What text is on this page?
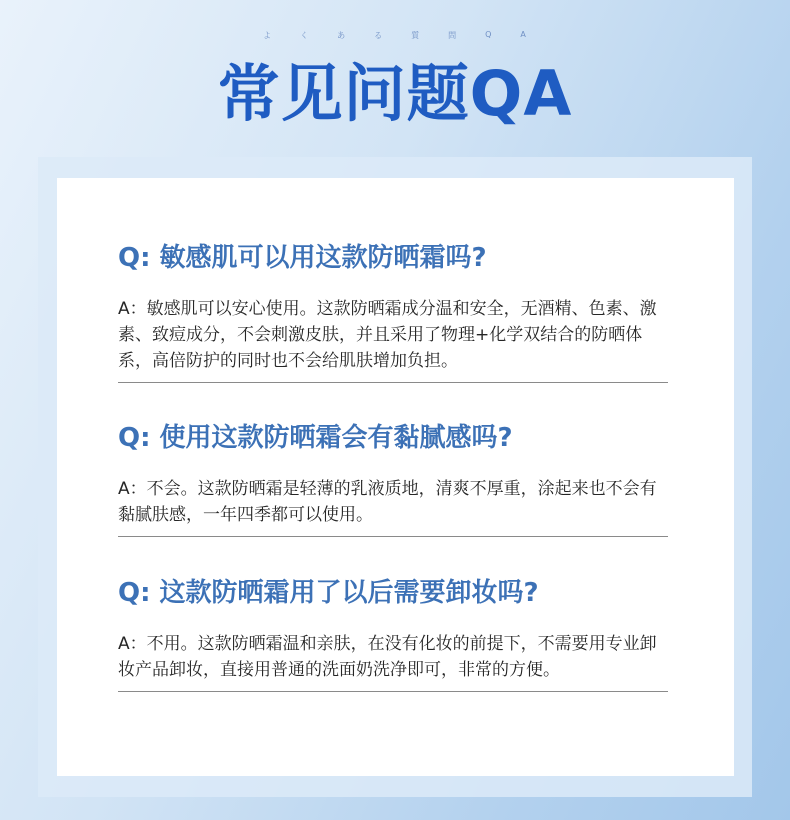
よ	く	あ	る	質	問	Q	A
常见问题QA

Q: 敏感肌可以用这款防晒霜吗?

A：敏感肌可以安心使用。这款防晒霜成分温和安全，无酒精、色素、激素、致痘成分，不会刺激皮肤，并且采用了物理+化学双结合的防晒体系，高倍防护的同时也不会给肌肤增加负担。

Q: 使用这款防晒霜会有黏腻感吗?

A：不会。这款防晒霜是轻薄的乳液质地，清爽不厚重，涂起来也不会有黏腻肤感，一年四季都可以使用。

Q: 这款防晒霜用了以后需要卸妆吗?

A：不用。这款防晒霜温和亲肤，在没有化妆的前提下，不需要用专业卸妆产品卸妆，直接用普通的洗面奶洗净即可，非常的方便。
